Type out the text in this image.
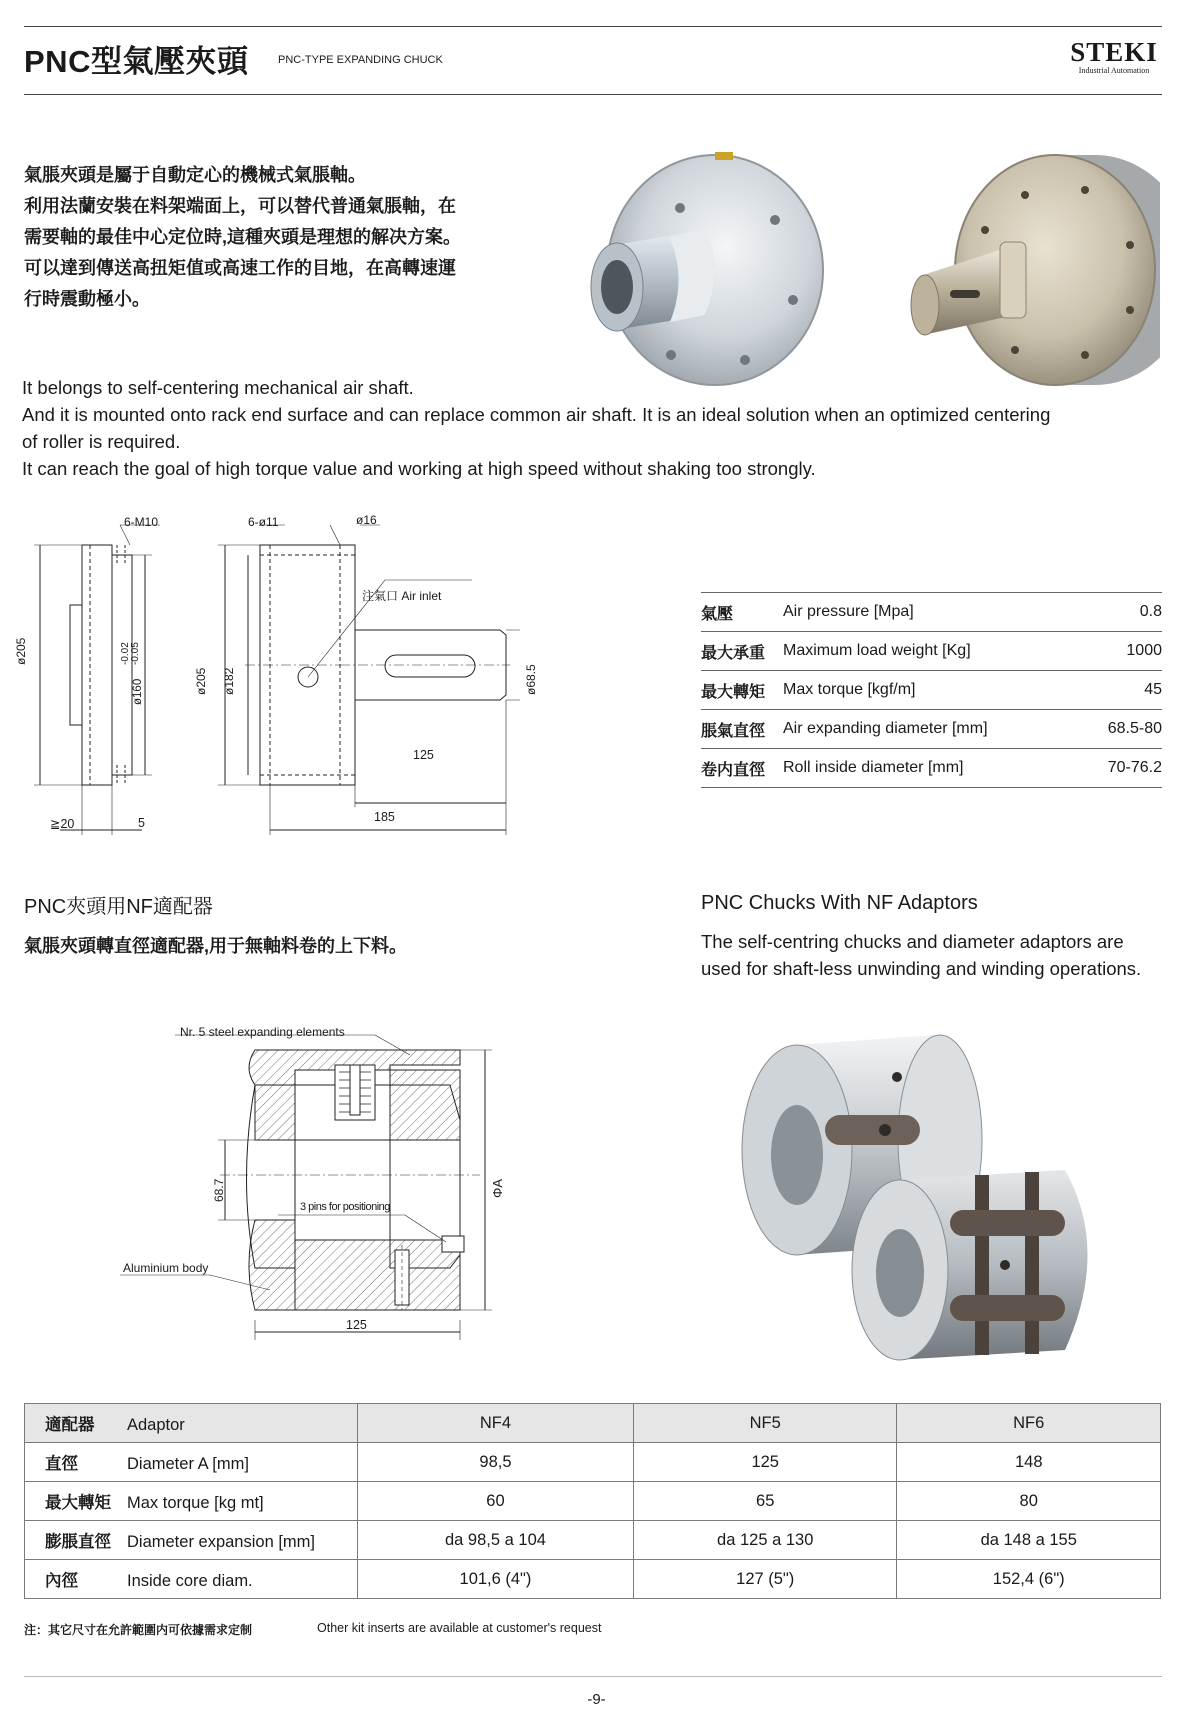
PNC型氣壓夾頭	PNC-TYPE EXPANDING CHUCK	STEKI
Industrial Automation
氣脹夾頭是屬于自動定心的機械式氣脹軸。
利用法蘭安裝在料架端面上，可以替代普通氣脹軸，在
需要軸的最佳中心定位時,這種夾頭是理想的解决方案。
可以達到傳送高扭矩值或高速工作的目地，在高轉速運
行時震動極小。
It belongs to self-centering mechanical air shaft.
And it is mounted onto rack end surface and can replace common air shaft. It is an ideal solution when an optimized centering
of roller is required.
It can reach the goal of high torque value and working at high speed without shaking too strongly.
6-M10	6-ø11	ø16
注氣口 Air inlet
ø205
ø160
-0.02 -0.05
ø205 ø182	ø68.5
125
185
≧20	5
氣壓	Air pressure [Mpa]	0.8
最大承重	Maximum load weight [Kg]	1000
最大轉矩	Max torque [kgf/m]	45
脹氣直徑	Air expanding diameter [mm]	68.5-80
卷内直徑	Roll inside diameter [mm]	70-76.2
PNC夾頭用NF適配器
氣脹夾頭轉直徑適配器,用于無軸料卷的上下料。
PNC Chucks With NF Adaptors
The self-centring chucks and diameter adaptors are
used for shaft-less unwinding and winding operations.
Nr. 5 steel expanding elements
3 pins for positioning
Aluminium body
68.7	ΦA
125
適配器 Adaptor	NF4	NF5	NF6
直徑 Diameter A [mm]	98,5	125	148
最大轉矩 Max torque [kg mt]	60	65	80
膨脹直徑 Diameter expansion [mm]	da 98,5 a 104	da 125 a 130	da 148 a 155
內徑 Inside core diam.	101,6 (4")	127 (5")	152,4 (6")
注：其它尺寸在允許範圍内可依據需求定制	Other kit inserts are available at customer's request
-9-
